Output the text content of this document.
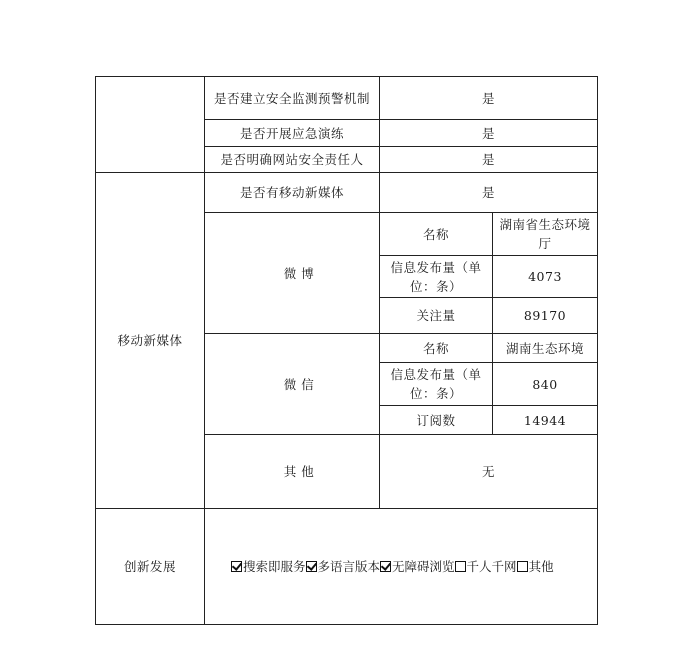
	是否建立安全监测预警机制	是	
	是否开展应急演练	是	
	是否明确网站安全责任人	是	
移动新媒体	是否有移动新媒体	是	
	微 博	名称	湖南省生态环境厅
		信息发布量（单位：条）	4073
		关注量	89170
	微 信	名称	湖南生态环境
		信息发布量（单位：条）	840
		订阅数	14944
	其 他	无	
创新发展	搜索即服务 多语言版本 无障碍浏览 千人千网 其他		
